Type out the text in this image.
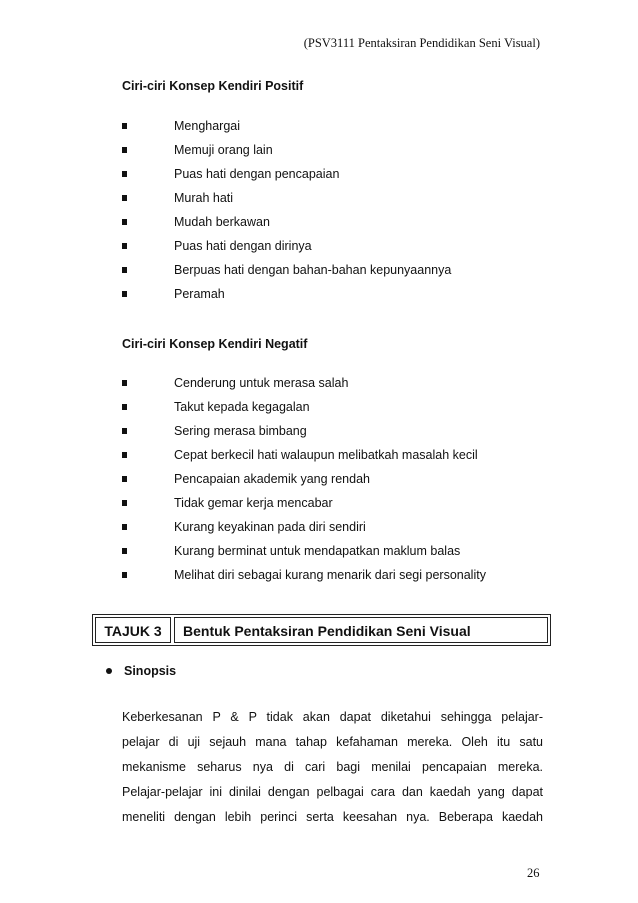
(PSV3111 Pentaksiran Pendidikan Seni Visual)
Ciri-ciri Konsep Kendiri Positif
Menghargai
Memuji orang lain
Puas hati dengan pencapaian
Murah hati
Mudah berkawan
Puas hati dengan dirinya
Berpuas hati dengan bahan-bahan kepunyaannya
Peramah
Ciri-ciri Konsep Kendiri Negatif
Cenderung untuk merasa salah
Takut kepada kegagalan
Sering merasa bimbang
Cepat berkecil hati walaupun melibatkah masalah kecil
Pencapaian akademik yang rendah
Tidak gemar kerja mencabar
Kurang keyakinan pada diri sendiri
Kurang berminat untuk mendapatkan maklum balas
Melihat diri sebagai kurang menarik dari segi personality
TAJUK 3	Bentuk Pentaksiran Pendidikan Seni Visual
Sinopsis
Keberkesanan P & P tidak akan dapat diketahui sehingga pelajar-
pelajar di uji sejauh mana tahap kefahaman mereka. Oleh itu satu
mekanisme seharus nya di cari bagi menilai pencapaian mereka.
Pelajar-pelajar ini dinilai dengan pelbagai cara dan kaedah yang dapat
meneliti dengan lebih perinci serta keesahan nya. Beberapa kaedah
26
